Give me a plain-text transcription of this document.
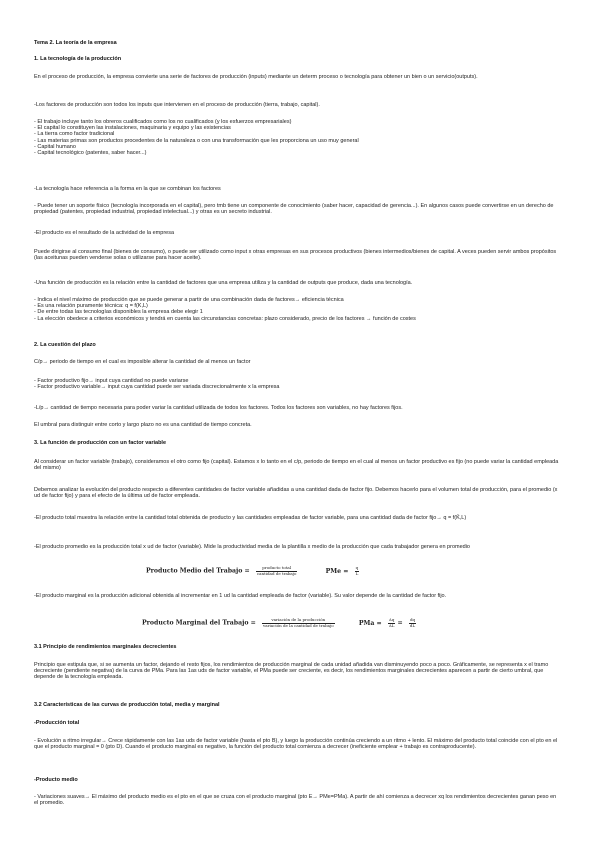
Tema 2. La teoría de la empresa

1. La tecnología de la producción

En el proceso de producción, la empresa convierte una serie de factores de producción (inputs) mediante un determ proceso o tecnología para obtener un bien o un servicio(outputs).

-Los factores de producción son todos los inputs que intervienen en el proceso de producción (tierra, trabajo, capital).

- El trabajo incluye tanto los obreros cualificados como los no cualificados (y los esfuerzos empresariales)
- El capital lo constituyen las instalaciones, maquinaria y equipo y las existencias
- La tierra como factor tradicional
- Las materias primas son productos procedentes de la naturaleza o con una transformación que les proporciona un uso muy general
- Capital humano
- Capital tecnológico (patentes, saber hacer...)

-La tecnología hace referencia a la forma en la que se combinan los factores

- Puede tener un soporte físico (tecnología incorporada en el capital), pero tmb tiene un componente de conocimiento (saber hacer, capacidad de gerencia...). En algunos casos puede convertirse en un derecho de propiedad (patentes, propiedad industrial, propiedad intelectual...) y otras es un secreto industrial.

-El producto es el resultado de la actividad de la empresa

Puede dirigirse al consumo final (bienes de consumo), o puede ser utilizado como input x otras empresas en sus procesos productivos (bienes intermedios/bienes de capital. A veces pueden servir ambos propósitos (las aceitunas pueden venderse solas o utilizarse para hacer aceite).

-Una función de producción es la relación entre la cantidad de factores que una empresa utiliza y la cantidad de outputs que produce, dada una tecnología.

- Indica el nivel máximo de producción que se puede generar a partir de una combinación dada de factores→ eficiencia técnica
- Es una relación puramente técnica: q = f(K,L)
- De entre todas las tecnologías disponibles la empresa debe elegir 1
- La elección obedece a criterios económicos y tendrá en cuenta las circunstancias concretas: plazo considerado, precio de los factores → función de costes

2. La cuestión del plazo

C/p→ periodo de tiempo en el cual es imposible alterar la cantidad de al menos un factor

- Factor productivo fijo→ input cuya cantidad no puede variarse
- Factor productivo variable→ input cuya cantidad puede ser variada discrecionalmente x la empresa

-L/p→ cantidad de tiempo necesaria para poder variar la cantidad utilizada de todos los factores. Todos los factores son variables, no hay factores fijos.

El umbral para distinguir entre corto y largo plazo no es una cantidad de tiempo concreta.

3. La función de producción con un factor variable

Al considerar un factor variable (trabajo), consideramos el otro como fijo (capital). Estamos x lo tanto en el c/p, periodo de tiempo en el cual al menos un factor productivo es fijo (no puede variar la cantidad empleada del mismo)

Debemos analizar la evolución del producto respecto a diferentes cantidades de factor variable añadidas a una cantidad dada de factor fijo. Debemos hacerlo para el volumen total de producción, para el promedio (x ud de factor fijo) y para el efecto de la última ud de factor empleada.

-El producto total muestra la relación entre la cantidad total obtenida de producto y las cantidades empleadas de factor variable, para una cantidad dada de factor fijo→ q = f(K̄,L)

-El producto promedio es la producción total x ud de factor (variable). Mide la productividad media de la plantilla x medio de la producción que cada trabajador genera en promedio

Producto Medio del Trabajo = $\frac{\text{producto total}}{\text{cantidad de trabajo}}$	PMe = $\frac{q}{L}$

-El producto marginal es la producción adicional obtenida al incrementar en 1 ud la cantidad empleada de factor (variable). Su valor depende de la cantidad de factor fijo.

Producto Marginal del Trabajo = $\frac{\text{variación de la producción}}{\text{variación de la cantidad de trabajo}}$	PMa = $\frac{\Delta q}{\Delta L} = \frac{dq}{dL}$

3.1 Principio de rendimientos marginales decrecientes

Principio que estipula que, si se aumenta un factor, dejando el resto fijos, los rendimientos de producción marginal de cada unidad añadida van disminuyendo poco a poco. Gráficamente, se representa x el tramo decreciente (pendiente negativa) de la curva de PMa. Para las 1as uds de factor variable, el PMa puede ser creciente, es decir, los rendimientos marginales decrecientes aparecen a partir de cierto umbral, que depende de la tecnología empleada.

3.2 Características de las curvas de producción total, media y marginal

-Producción total

- Evolución a ritmo irregular→ Crece rápidamente con las 1as uds de factor variable (hasta el pto B), y luego la producción continúa creciendo a un ritmo + lento. El máximo del producto total coincide con el pto en el que el producto marginal = 0 (pto D). Cuando el producto marginal es negativo, la función del producto total comienza a decrecer (ineficiente emplear + trabajo es contraproducente).

-Producto medio

- Variaciones suaves→ El máximo del producto medio es el pto en el que se cruza con el producto marginal (pto E→ PMe=PMa). A partir de ahí comienza a decrecer xq los rendimientos decrecientes ganan peso en el promedio.
